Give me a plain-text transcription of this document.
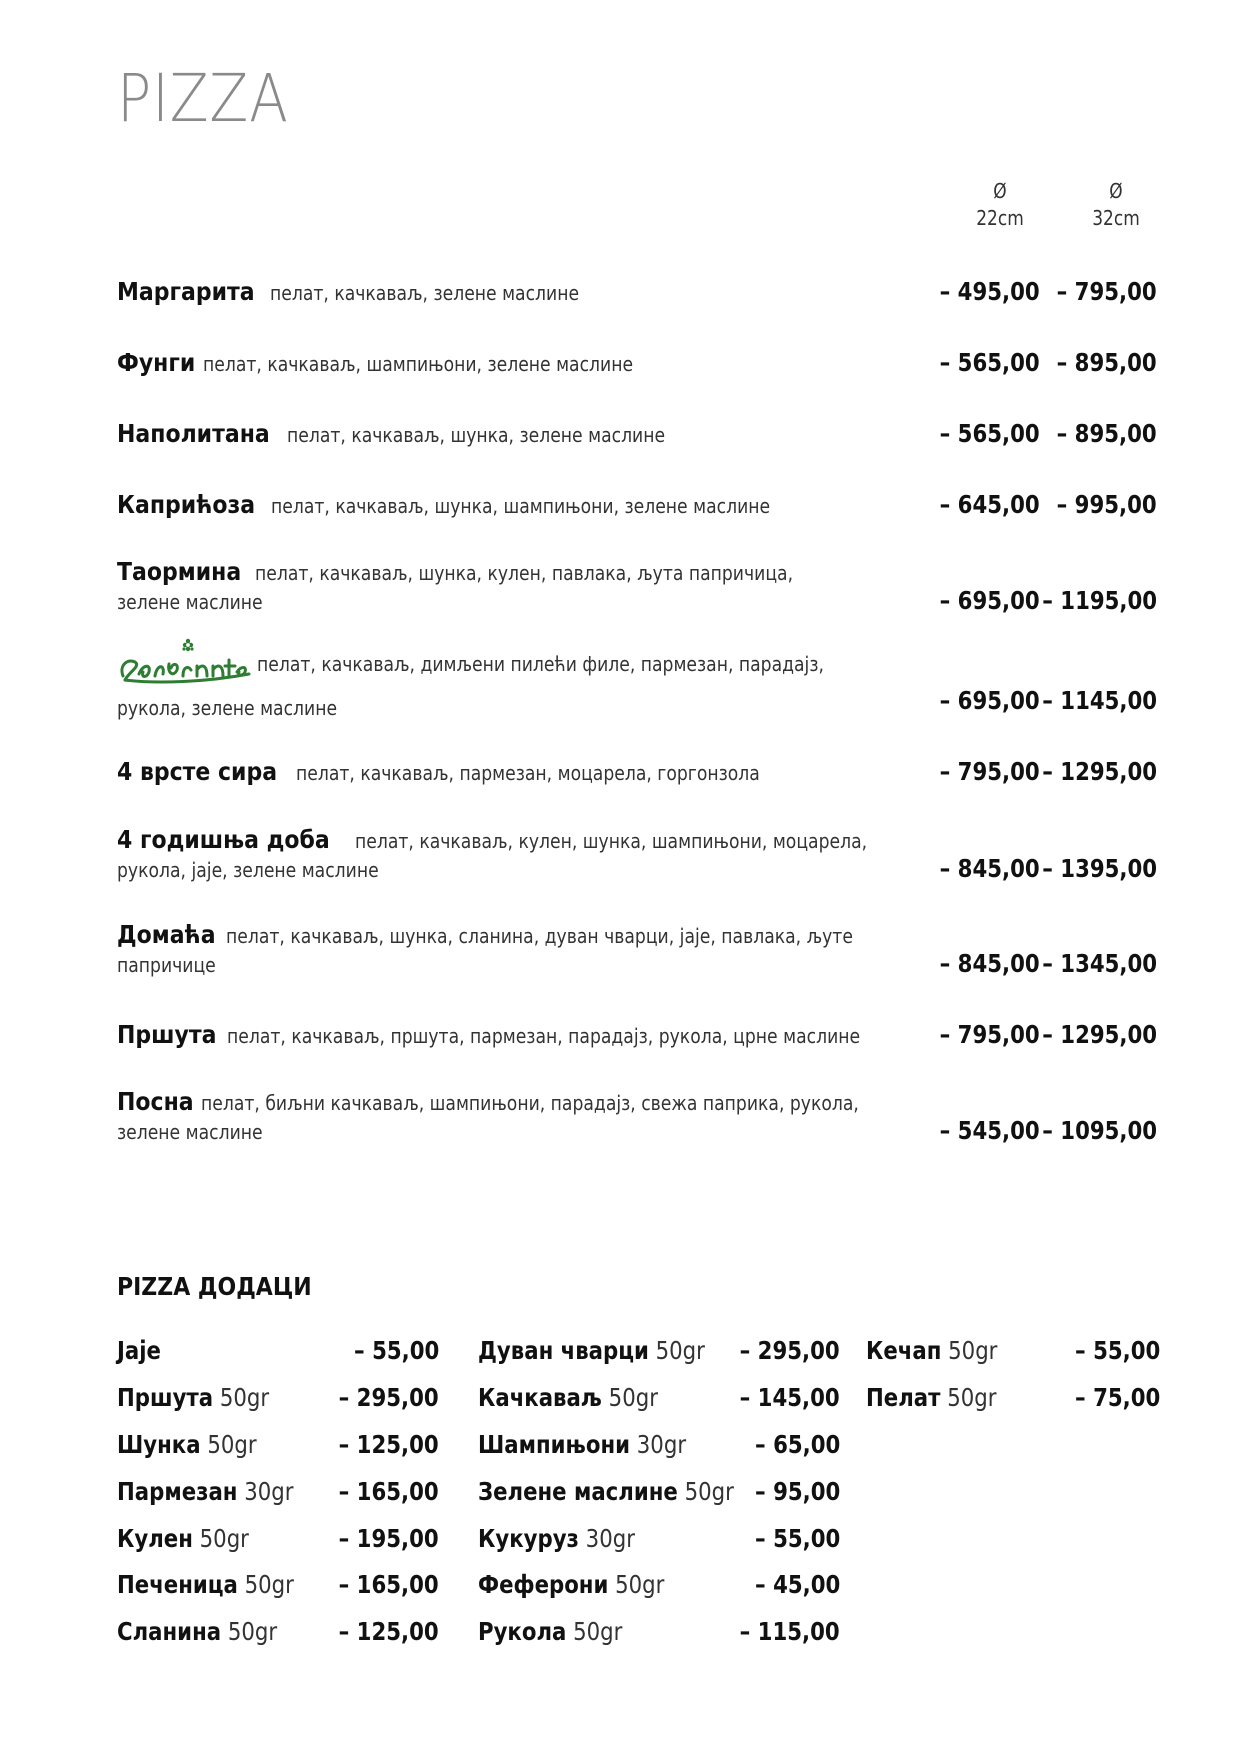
PIZZA
Ø
22cm
Ø
32cm
Маргарита пелат, качкаваљ, зелене маслине	– 495,00 – 795,00
Фунги пелат, качкаваљ, шампињони, зелене маслине	– 565,00 – 895,00
Наполитана пелат, качкаваљ, шунка, зелене маслине	– 565,00 – 895,00
Каприћоза пелат, качкаваљ, шунка, шампињони, зелене маслине	– 645,00 – 995,00
Таормина пелат, качкаваљ, шунка, кулен, павлака, љута папричица,
зелене маслине	– 695,00 – 1195,00
пелат, качкаваљ, димљени пилећи филе, пармезан, парадајз,
рукола, зелене маслине	– 695,00 – 1145,00
4 врсте сира пелат, качкаваљ, пармезан, моцарела, горгонзола	– 795,00 – 1295,00
4 годишња доба пелат, качкаваљ, кулен, шунка, шампињони, моцарела,
рукола, јаје, зелене маслине	– 845,00 – 1395,00
Домаћа пелат, качкаваљ, шунка, сланина, дуван чварци, јаје, павлака, љуте
папричице	– 845,00 – 1345,00
Пршута пелат, качкаваљ, пршута, пармезан, парадајз, рукола, црне маслине	– 795,00 – 1295,00
Посна пелат, биљни качкаваљ, шампињони, парадајз, свежа паприка, рукола,
зелене маслине	– 545,00 – 1095,00
PIZZA ДОДАЦИ
Јаје	– 55,00
Пршута 50gr	– 295,00
Шунка 50gr	– 125,00
Пармезан 30gr – 165,00
Кулен 50gr	– 195,00
Печеница 50gr – 165,00
Сланина 50gr – 125,00
Дуван чварци 50gr – 295,00
Качкаваљ 50gr	– 145,00
Шампињони 30gr	– 65,00
Зелене маслине 50gr – 95,00
Кукуруз 30gr	– 55,00
Феферони 50gr	– 45,00
Рукола 50gr	– 115,00
Кечап 50gr	– 55,00
Пелат 50gr	– 75,00
